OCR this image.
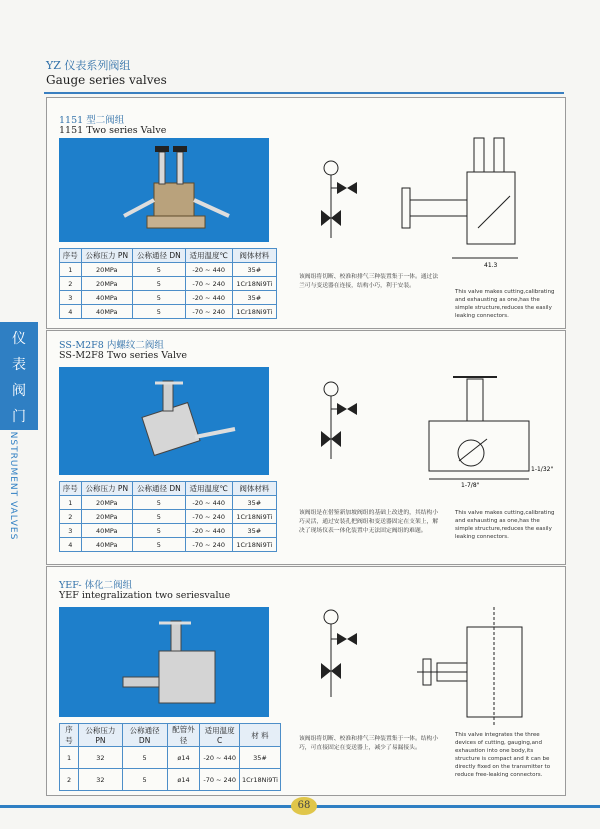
YZ 仪表系列阀组
Gauge series valves
仪
表
阀
门
INSTRUMENT VALVES
1151 型二阀组
1151 Two series Valve
序号	公称压力 PN	公称通径 DN	适用温度℃	阀体材料
1	20MPa	5	-20 ~ 440	35#
2	20MPa	5	-70 ~ 240	1Cr18Ni9Ti
3	40MPa	5	-20 ~ 440	35#
4	40MPa	5	-70 ~ 240	1Cr18Ni9Ti
41.3
该阀组将切断、校准和排气三种装置集于一体。通过法兰可与变送器在连接，结构小巧，利于安装。
This valve makes cutting,calibrating and exhausting as one,has the simple structure,reduces the easily leaking connectors.
SS-M2F8 内螺纹二阀组
SS-M2F8 Two series Valve
序号	公称压力 PN	公称通径 DN	适用温度℃	阀体材料
1	20MPa	5	-20 ~ 440	35#
2	20MPa	5	-70 ~ 240	1Cr18Ni9Ti
3	40MPa	5	-20 ~ 440	35#
4	40MPa	5	-70 ~ 240	1Cr18Ni9Ti
1-7/8"
1-1/32"
该阀组是在借鉴新加坡阀组的基础上改进的，其结构小巧灵活，通过安装孔把阀组和变送器固定在支架上，解决了现场仪表一体化装置中无法固定阀组的难题。
This valve makes cutting,calibrating and exhausting as one,has the simple structure,reduces the easily leaking connectors.
YEF- 体化二阀组
YEF integralization two seriesvalue
序号	公称压力 PN	公称通径 DN	配管外径	适用温度 C	材 料
1	32	5	ø14	-20 ~ 440	35#
2	32	5	ø14	-70 ~ 240	1Cr18Ni9Ti
该阀组将切断、校准和排气三种装置集于一体。结构小巧，可直接固定在变送器上，减少了易漏接头。
This valve integrates the three devices of cutting, gauging,and exhaustion into one body,its structure is compact and it can be directly fixed on the transmitter to reduce free-leaking connectors.
68
